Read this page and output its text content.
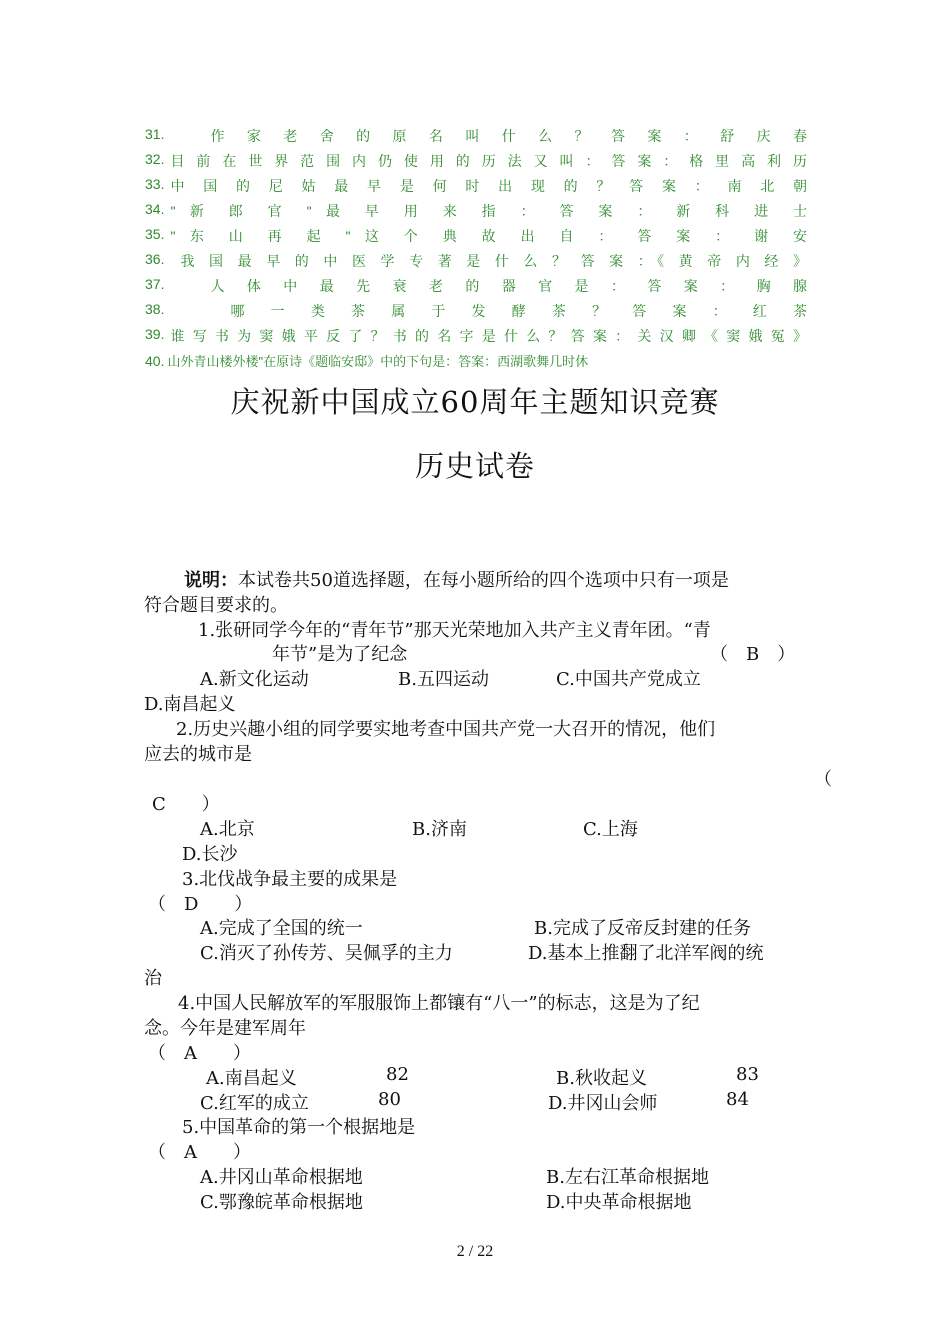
31.	作 家 老 舍 的 原 名 叫 什 么 ？ 答 案 ： 舒 庆 春
32. 目 前 在 世 界 范 围 内 仍 使 用 的 历 法 又 叫 ： 答 案 ： 格 里 高 利 历
33. 中 国 的 尼 姑 最 早 是 何 时 出 现 的 ？ 答 案 ： 南 北 朝
34. " 新 郎 官 " 最 早 用 来 指 ： 答 案 ： 新 科 进 士
35. " 东 山 再 起 " 这 个 典 故 出 自 ： 答 案 ： 谢 安
36.	我 国 最 早 的 中 医 学 专 著 是 什 么 ？ 答 案 ：《 黄 帝 内 经 》
37.	人 体 中 最 先 衰 老 的 器 官 是 ： 答 案 ： 胸 腺
38.	哪 一 类 茶 属 于 发 酵 茶 ？ 答 案 ： 红 茶
39. 谁 写 书 为 窦 娥 平 反 了 ？ 书 的 名 字 是 什 么 ？ 答 案 ： 关 汉 卿 《 窦 娥 冤 》
40. 山外青山楼外楼"在原诗《题临安邸》中的下句是：答案：西湖歌舞几时休
庆祝新中国成立60周年主题知识竞赛
历史试卷
说明：本试卷共50道选择题，在每小题所给的四个选项中只有一项是
符合题目要求的。
1.张研同学今年的“青年节”那天光荣地加入共产主义青年团。“青
年节”是为了纪念	（　B　）
A.新文化运动	B.五四运动	C.中国共产党成立
D.南昌起义
2.历史兴趣小组的同学要实地考查中国共产党一大召开的情况，他们
应去的城市是
（
C　　）
A.北京	B.济南	C.上海
D.长沙
3.北伐战争最主要的成果是
（　D　　）
A.完成了全国的统一	B.完成了反帝反封建的任务
C.消灭了孙传芳、吴佩孚的主力	D.基本上推翻了北洋军阀的统
治
4.中国人民解放军的军服服饰上都镶有“八一”的标志，这是为了纪
念。今年是建军周年
（　A　　）
A.南昌起义	82	B.秋收起义	83
C.红军的成立	80	D.井冈山会师	84
5.中国革命的第一个根据地是
（　A　　）
A.井冈山革命根据地	B.左右江革命根据地
C.鄂豫皖革命根据地	D.中央革命根据地
2 / 22
